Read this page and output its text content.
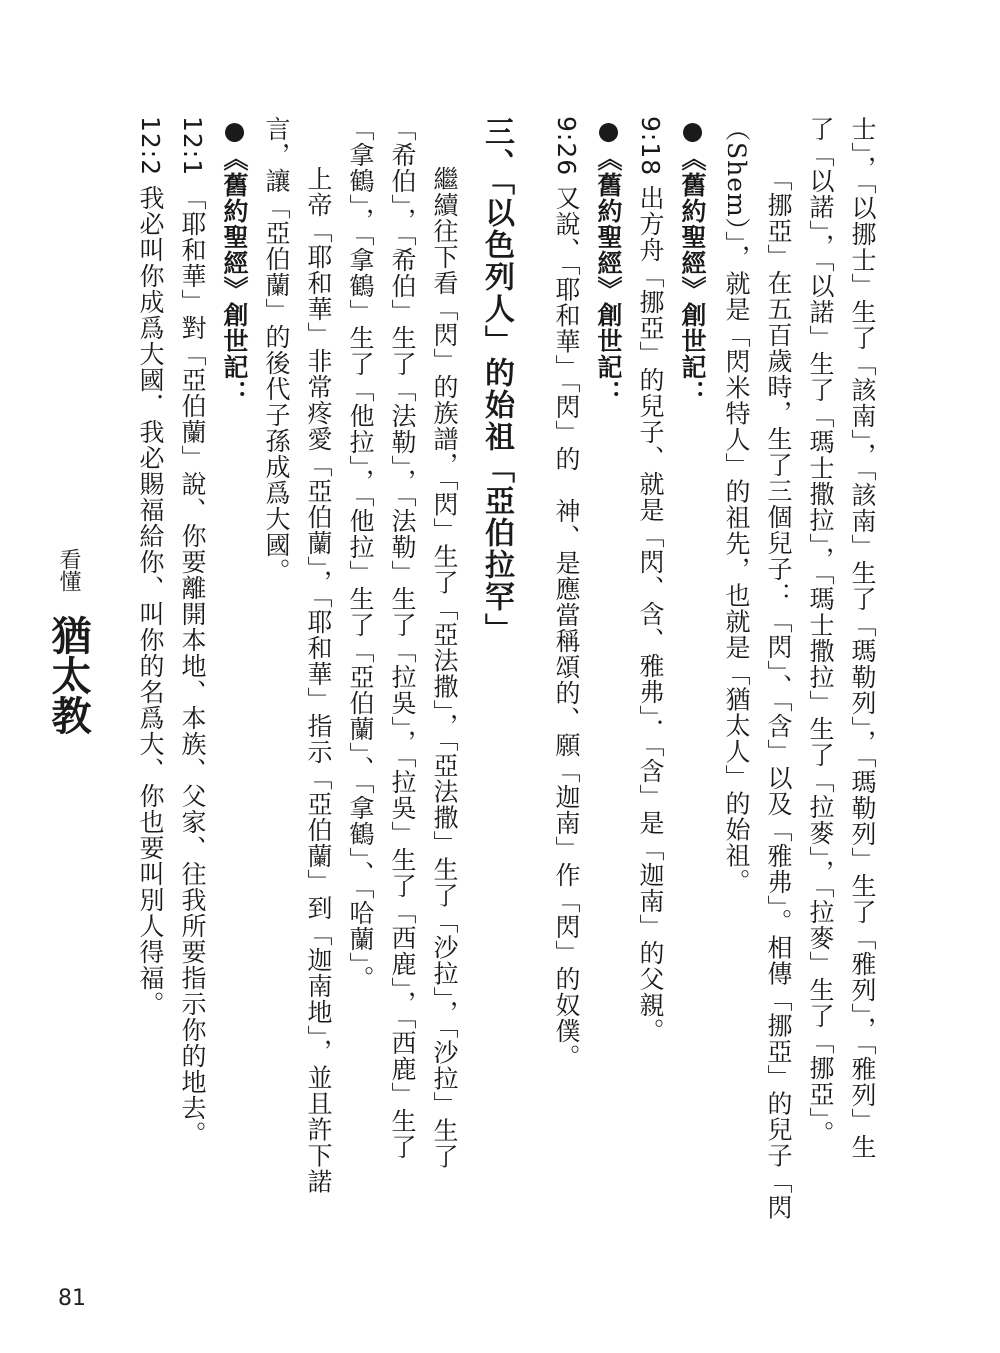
士」，「以挪士」生了「該南」，「該南」生了「瑪勒列」，「瑪勒列」生了「雅列」，「雅列」生
了「以諾」，「以諾」生了「瑪士撒拉」，「瑪士撒拉」生了「拉麥」，「拉麥」生了「挪亞」。
「挪亞」在五百歲時，生了三個兒子：「閃」、「含」以及「雅弗」。相傳「挪亞」的兒子「閃
（Shem）」，就是「閃米特人」的祖先，也就是「猶太人」的始祖。
●《舊約聖經》創世記：
9:18 出方舟「挪亞」的兒子、就是「閃、含、雅弗」．「含」是「迦南」的父親。
●《舊約聖經》創世記：
9:26 又說、「耶和華」「閃」的　神、是應當稱頌的、願「迦南」作「閃」的奴僕。
三、「以色列人」的始祖「亞伯拉罕」
繼續往下看「閃」的族譜，「閃」生了「亞法撒」，「亞法撒」生了「沙拉」，「沙拉」生了
「希伯」，「希伯」生了「法勒」，「法勒」生了「拉吳」，「拉吳」生了「西鹿」，「西鹿」生了
「拿鶴」，「拿鶴」生了「他拉」，「他拉」生了「亞伯蘭」、「拿鶴」、「哈蘭」。
上帝「耶和華」非常疼愛「亞伯蘭」，「耶和華」指示「亞伯蘭」到「迦南地」，並且許下諾
言，讓「亞伯蘭」的後代子孫成爲大國。
●《舊約聖經》創世記：
12:1 「耶和華」對「亞伯蘭」說、你要離開本地、本族、父家、往我所要指示你的地去。
12:2 我必叫你成爲大國．我必賜福給你、叫你的名爲大、你也要叫別人得福。
看懂
猶太教
81
